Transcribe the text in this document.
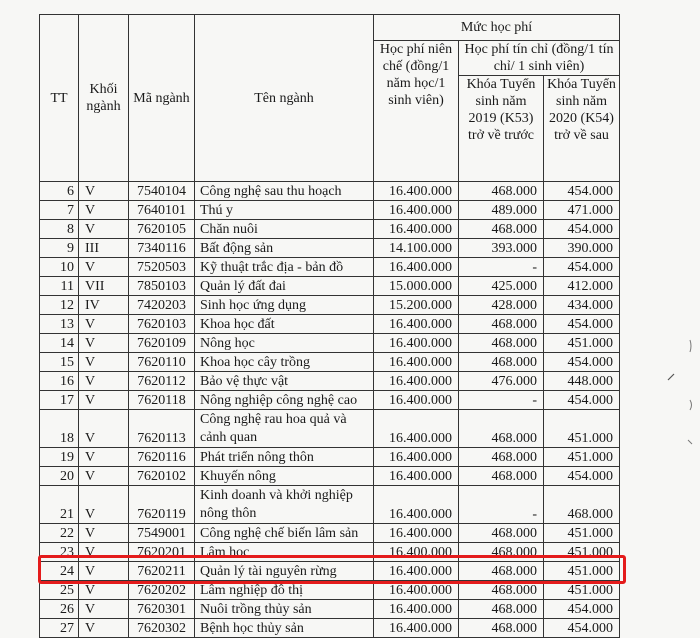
TT	Khối ngành	Mã ngành	Tên ngành	Mức học phí		
				Học phí niên chế (đồng/1 năm học/1 sinh viên)	Học phí tín chỉ (đồng/1 tín chỉ/ 1 sinh viên)	
					Khóa Tuyển sinh năm 2019 (K53) trở về trước	Khóa Tuyển sinh năm 2020 (K54) trở về sau
6	V	7540104	Công nghệ sau thu hoạch	16.400.000	468.000	454.000
7	V	7640101	Thú y	16.400.000	489.000	471.000
8	V	7620105	Chăn nuôi	16.400.000	468.000	454.000
9	III	7340116	Bất động sản	14.100.000	393.000	390.000
10	V	7520503	Kỹ thuật trắc địa - bản đồ	16.400.000	-	454.000
11	VII	7850103	Quản lý đất đai	15.000.000	425.000	412.000
12	IV	7420203	Sinh học ứng dụng	15.200.000	428.000	434.000
13	V	7620103	Khoa học đất	16.400.000	468.000	454.000
14	V	7620109	Nông học	16.400.000	468.000	451.000
15	V	7620110	Khoa học cây trồng	16.400.000	468.000	454.000
16	V	7620112	Bảo vệ thực vật	16.400.000	476.000	448.000
17	V	7620118	Nông nghiệp công nghệ cao	16.400.000	-	454.000
18	V	7620113	Công nghệ rau hoa quả và cảnh quan	16.400.000	468.000	451.000
19	V	7620116	Phát triển nông thôn	16.400.000	468.000	451.000
20	V	7620102	Khuyến nông	16.400.000	468.000	454.000
21	V	7620119	Kinh doanh và khởi nghiệp nông thôn	16.400.000	-	468.000
22	V	7549001	Công nghệ chế biến lâm sản	16.400.000	468.000	451.000
23	V	7620201	Lâm học	16.400.000	468.000	451.000
24	V	7620211	Quản lý tài nguyên rừng	16.400.000	468.000	451.000
25	V	7620202	Lâm nghiệp đô thị	16.400.000	468.000	451.000
26	V	7620301	Nuôi trồng thủy sản	16.400.000	468.000	454.000
27	V	7620302	Bệnh học thủy sản	16.400.000	468.000	454.000
